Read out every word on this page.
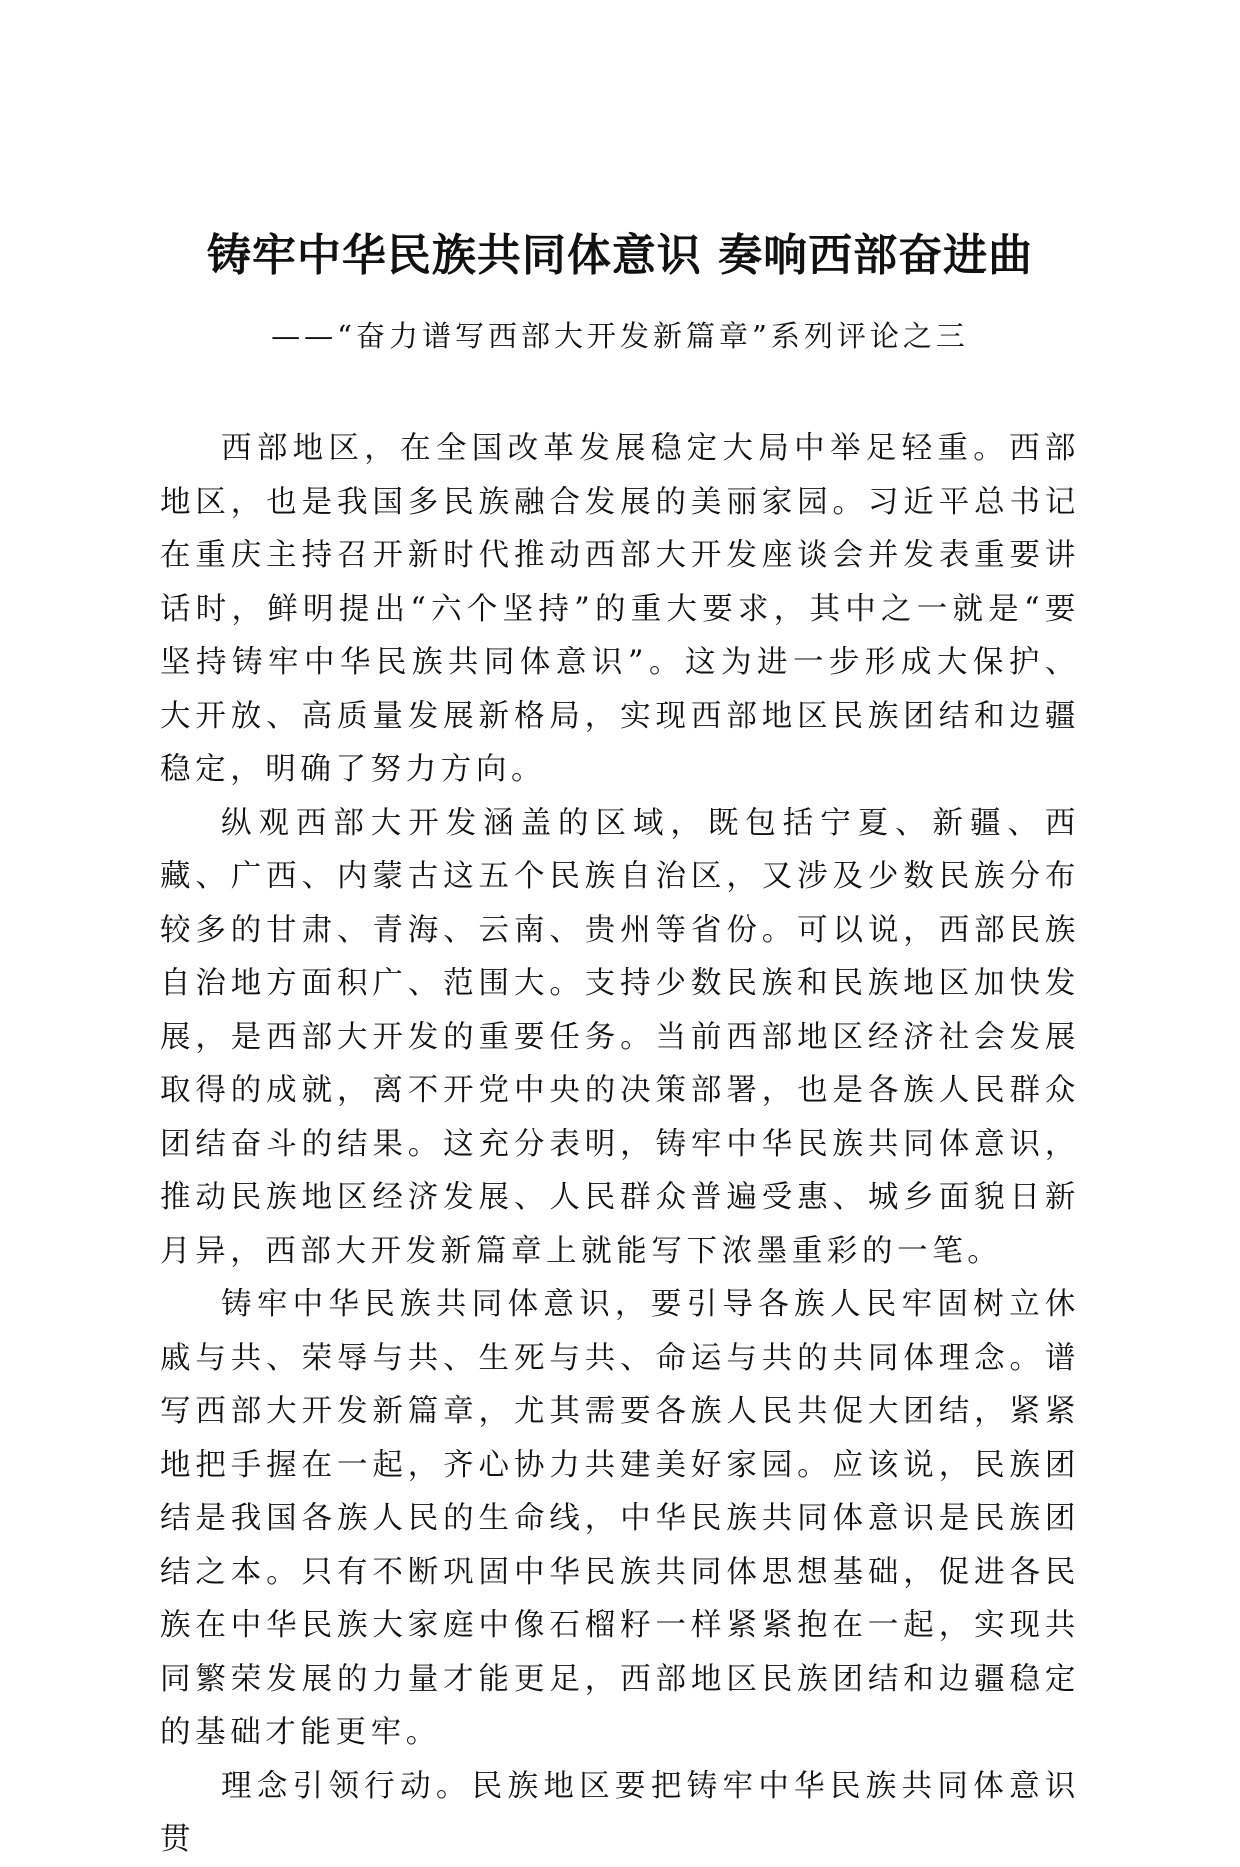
铸牢中华民族共同体意识 奏响西部奋进曲

——“奋力谱写西部大开发新篇章”系列评论之三

西部地区，在全国改革发展稳定大局中举足轻重。西部地区，也是我国多民族融合发展的美丽家园。习近平总书记在重庆主持召开新时代推动西部大开发座谈会并发表重要讲话时，鲜明提出“六个坚持”的重大要求，其中之一就是“要坚持铸牢中华民族共同体意识”。这为进一步形成大保护、大开放、高质量发展新格局，实现西部地区民族团结和边疆稳定，明确了努力方向。

纵观西部大开发涵盖的区域，既包括宁夏、新疆、西藏、广西、内蒙古这五个民族自治区，又涉及少数民族分布较多的甘肃、青海、云南、贵州等省份。可以说，西部民族自治地方面积广、范围大。支持少数民族和民族地区加快发展，是西部大开发的重要任务。当前西部地区经济社会发展取得的成就，离不开党中央的决策部署，也是各族人民群众团结奋斗的结果。这充分表明，铸牢中华民族共同体意识，推动民族地区经济发展、人民群众普遍受惠、城乡面貌日新月异，西部大开发新篇章上就能写下浓墨重彩的一笔。

铸牢中华民族共同体意识，要引导各族人民牢固树立休戚与共、荣辱与共、生死与共、命运与共的共同体理念。谱写西部大开发新篇章，尤其需要各族人民共促大团结，紧紧地把手握在一起，齐心协力共建美好家园。应该说，民族团结是我国各族人民的生命线，中华民族共同体意识是民族团结之本。只有不断巩固中华民族共同体思想基础，促进各民族在中华民族大家庭中像石榴籽一样紧紧抱在一起，实现共同繁荣发展的力量才能更足，西部地区民族团结和边疆稳定的基础才能更牢。

理念引领行动。民族地区要把铸牢中华民族共同体意识贯
